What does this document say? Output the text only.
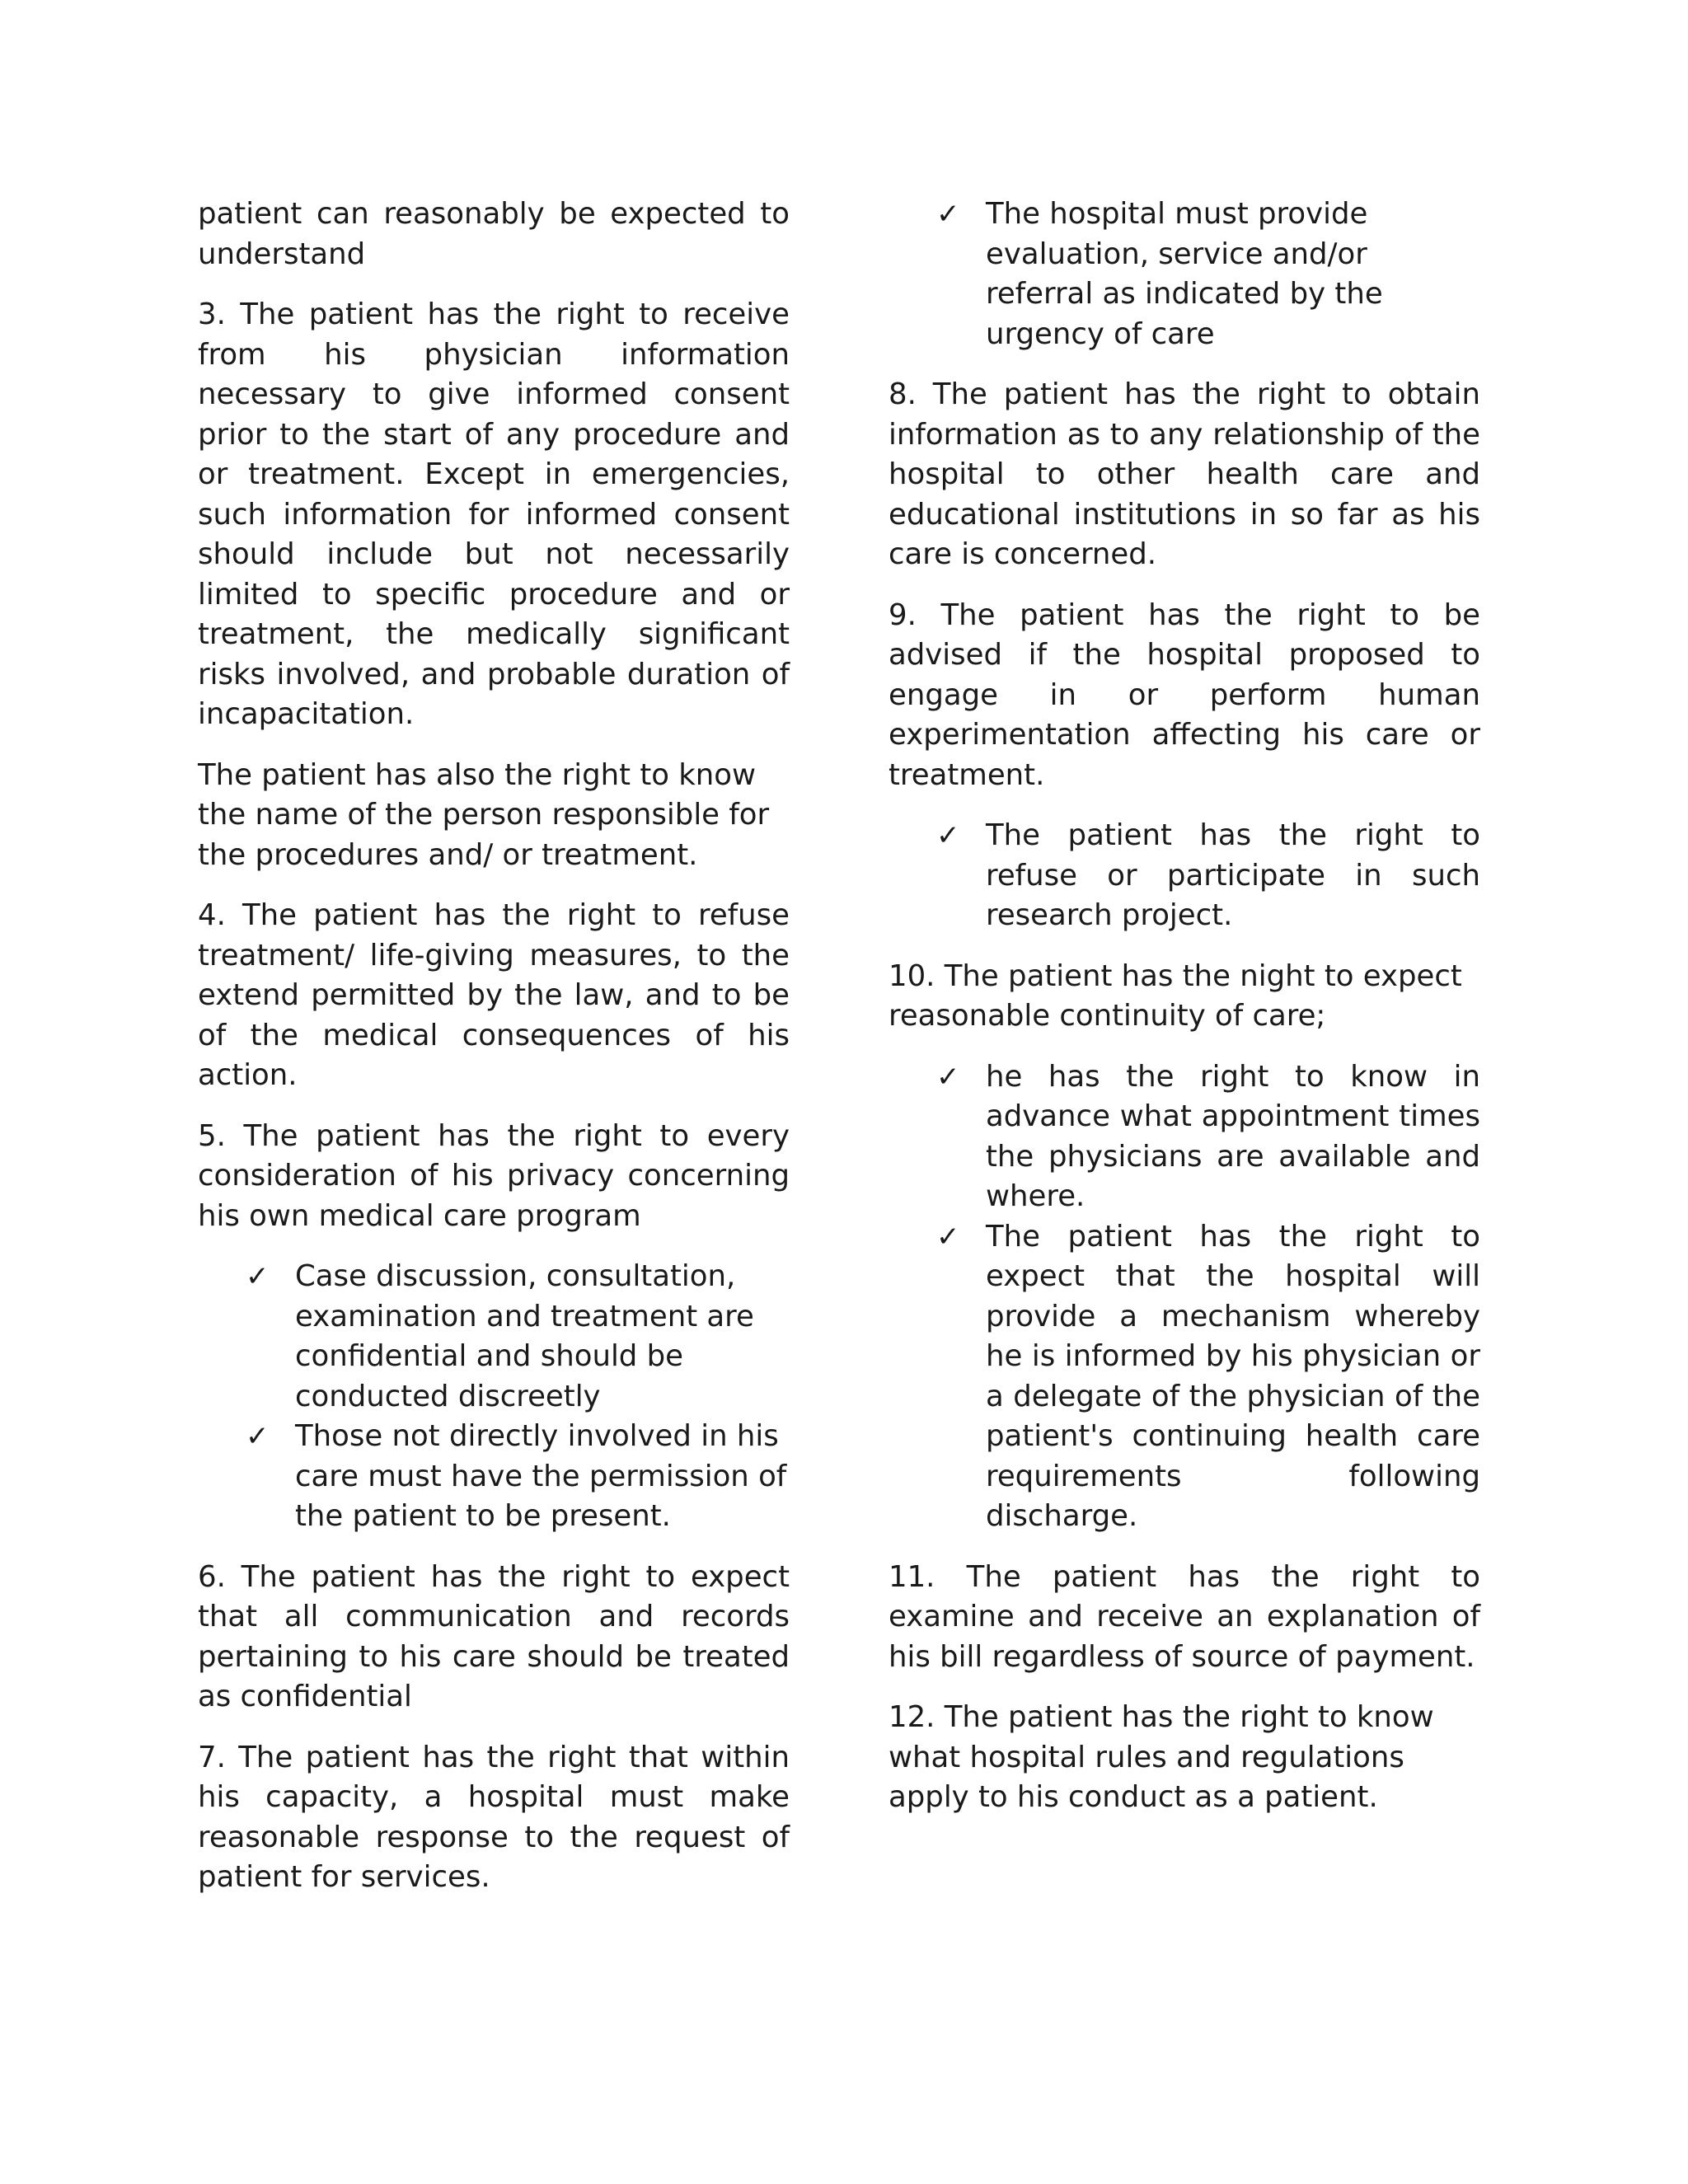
patient can reasonably be expected to understand

3. The patient has the right to receive from his physician information necessary to give informed consent prior to the start of any procedure and or treatment. Except in emergencies, such information for informed consent should include but not necessarily limited to specific procedure and or treatment, the medically significant risks involved, and probable duration of incapacitation.

The patient has also the right to know the name of the person responsible for the procedures and/ or treatment.

4. The patient has the right to refuse treatment/ life-giving measures, to the extend permitted by the law, and to be of the medical consequences of his action.

5. The patient has the right to every consideration of his privacy concerning his own medical care program

✓ Case discussion, consultation, examination and treatment are confidential and should be conducted discreetly
✓ Those not directly involved in his care must have the permission of the patient to be present.

6. The patient has the right to expect that all communication and records pertaining to his care should be treated as confidential

7. The patient has the right that within his capacity, a hospital must make reasonable response to the request of patient for services.

✓ The hospital must provide evaluation, service and/or referral as indicated by the urgency of care

8. The patient has the right to obtain information as to any relationship of the hospital to other health care and educational institutions in so far as his care is concerned.

9. The patient has the right to be advised if the hospital proposed to engage in or perform human experimentation affecting his care or treatment.

✓ The patient has the right to refuse or participate in such research project.

10. The patient has the night to expect reasonable continuity of care;

✓ he has the right to know in advance what appointment times the physicians are available and where.
✓ The patient has the right to expect that the hospital will provide a mechanism whereby he is informed by his physician or a delegate of the physician of the patient's continuing health care requirements following discharge.

11. The patient has the right to examine and receive an explanation of his bill regardless of source of payment.

12. The patient has the right to know what hospital rules and regulations apply to his conduct as a patient.
